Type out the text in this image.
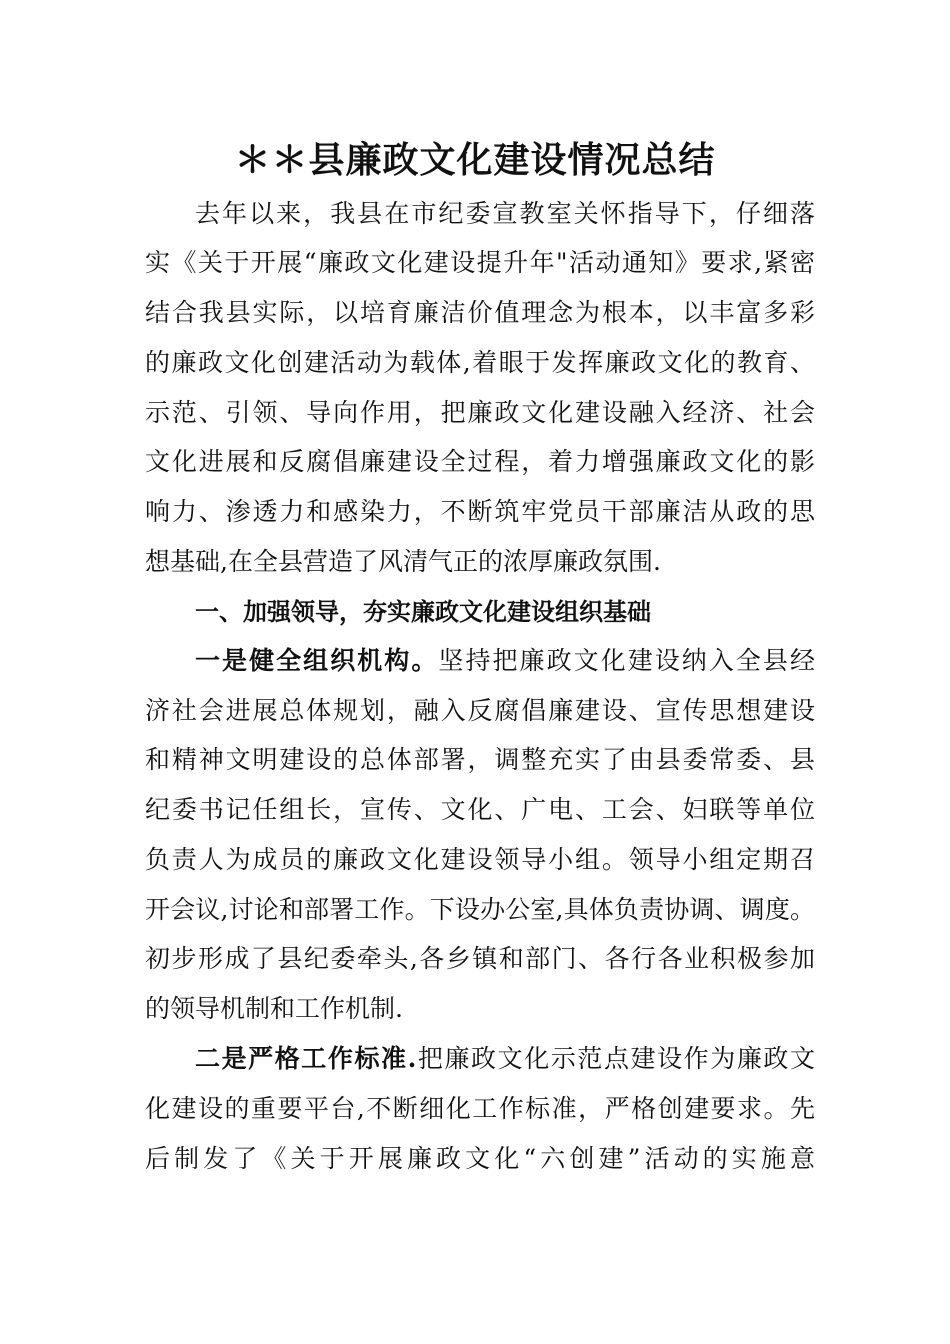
＊＊县廉政文化建设情况总结
去年以来，我县在市纪委宣教室关怀指导下，仔细落
实《关于开展“廉政文化建设提升年"活动通知》要求,紧密
结合我县实际，以培育廉洁价值理念为根本，以丰富多彩
的廉政文化创建活动为载体,着眼于发挥廉政文化的教育、
示范、引领、导向作用，把廉政文化建设融入经济、社会
文化进展和反腐倡廉建设全过程，着力增强廉政文化的影
响力、渗透力和感染力，不断筑牢党员干部廉洁从政的思
想基础,在全县营造了风清气正的浓厚廉政氛围.
一、加强领导，夯实廉政文化建设组织基础
一是健全组织机构。坚持把廉政文化建设纳入全县经
济社会进展总体规划，融入反腐倡廉建设、宣传思想建设
和精神文明建设的总体部署，调整充实了由县委常委、县
纪委书记任组长，宣传、文化、广电、工会、妇联等单位
负责人为成员的廉政文化建设领导小组。领导小组定期召
开会议,讨论和部署工作。下设办公室,具体负责协调、调度。
初步形成了县纪委牵头,各乡镇和部门、各行各业积极参加
的领导机制和工作机制.
二是严格工作标准.把廉政文化示范点建设作为廉政文
化建设的重要平台,不断细化工作标准，严格创建要求。先
后制发了《关于开展廉政文化“六创建”活动的实施意
